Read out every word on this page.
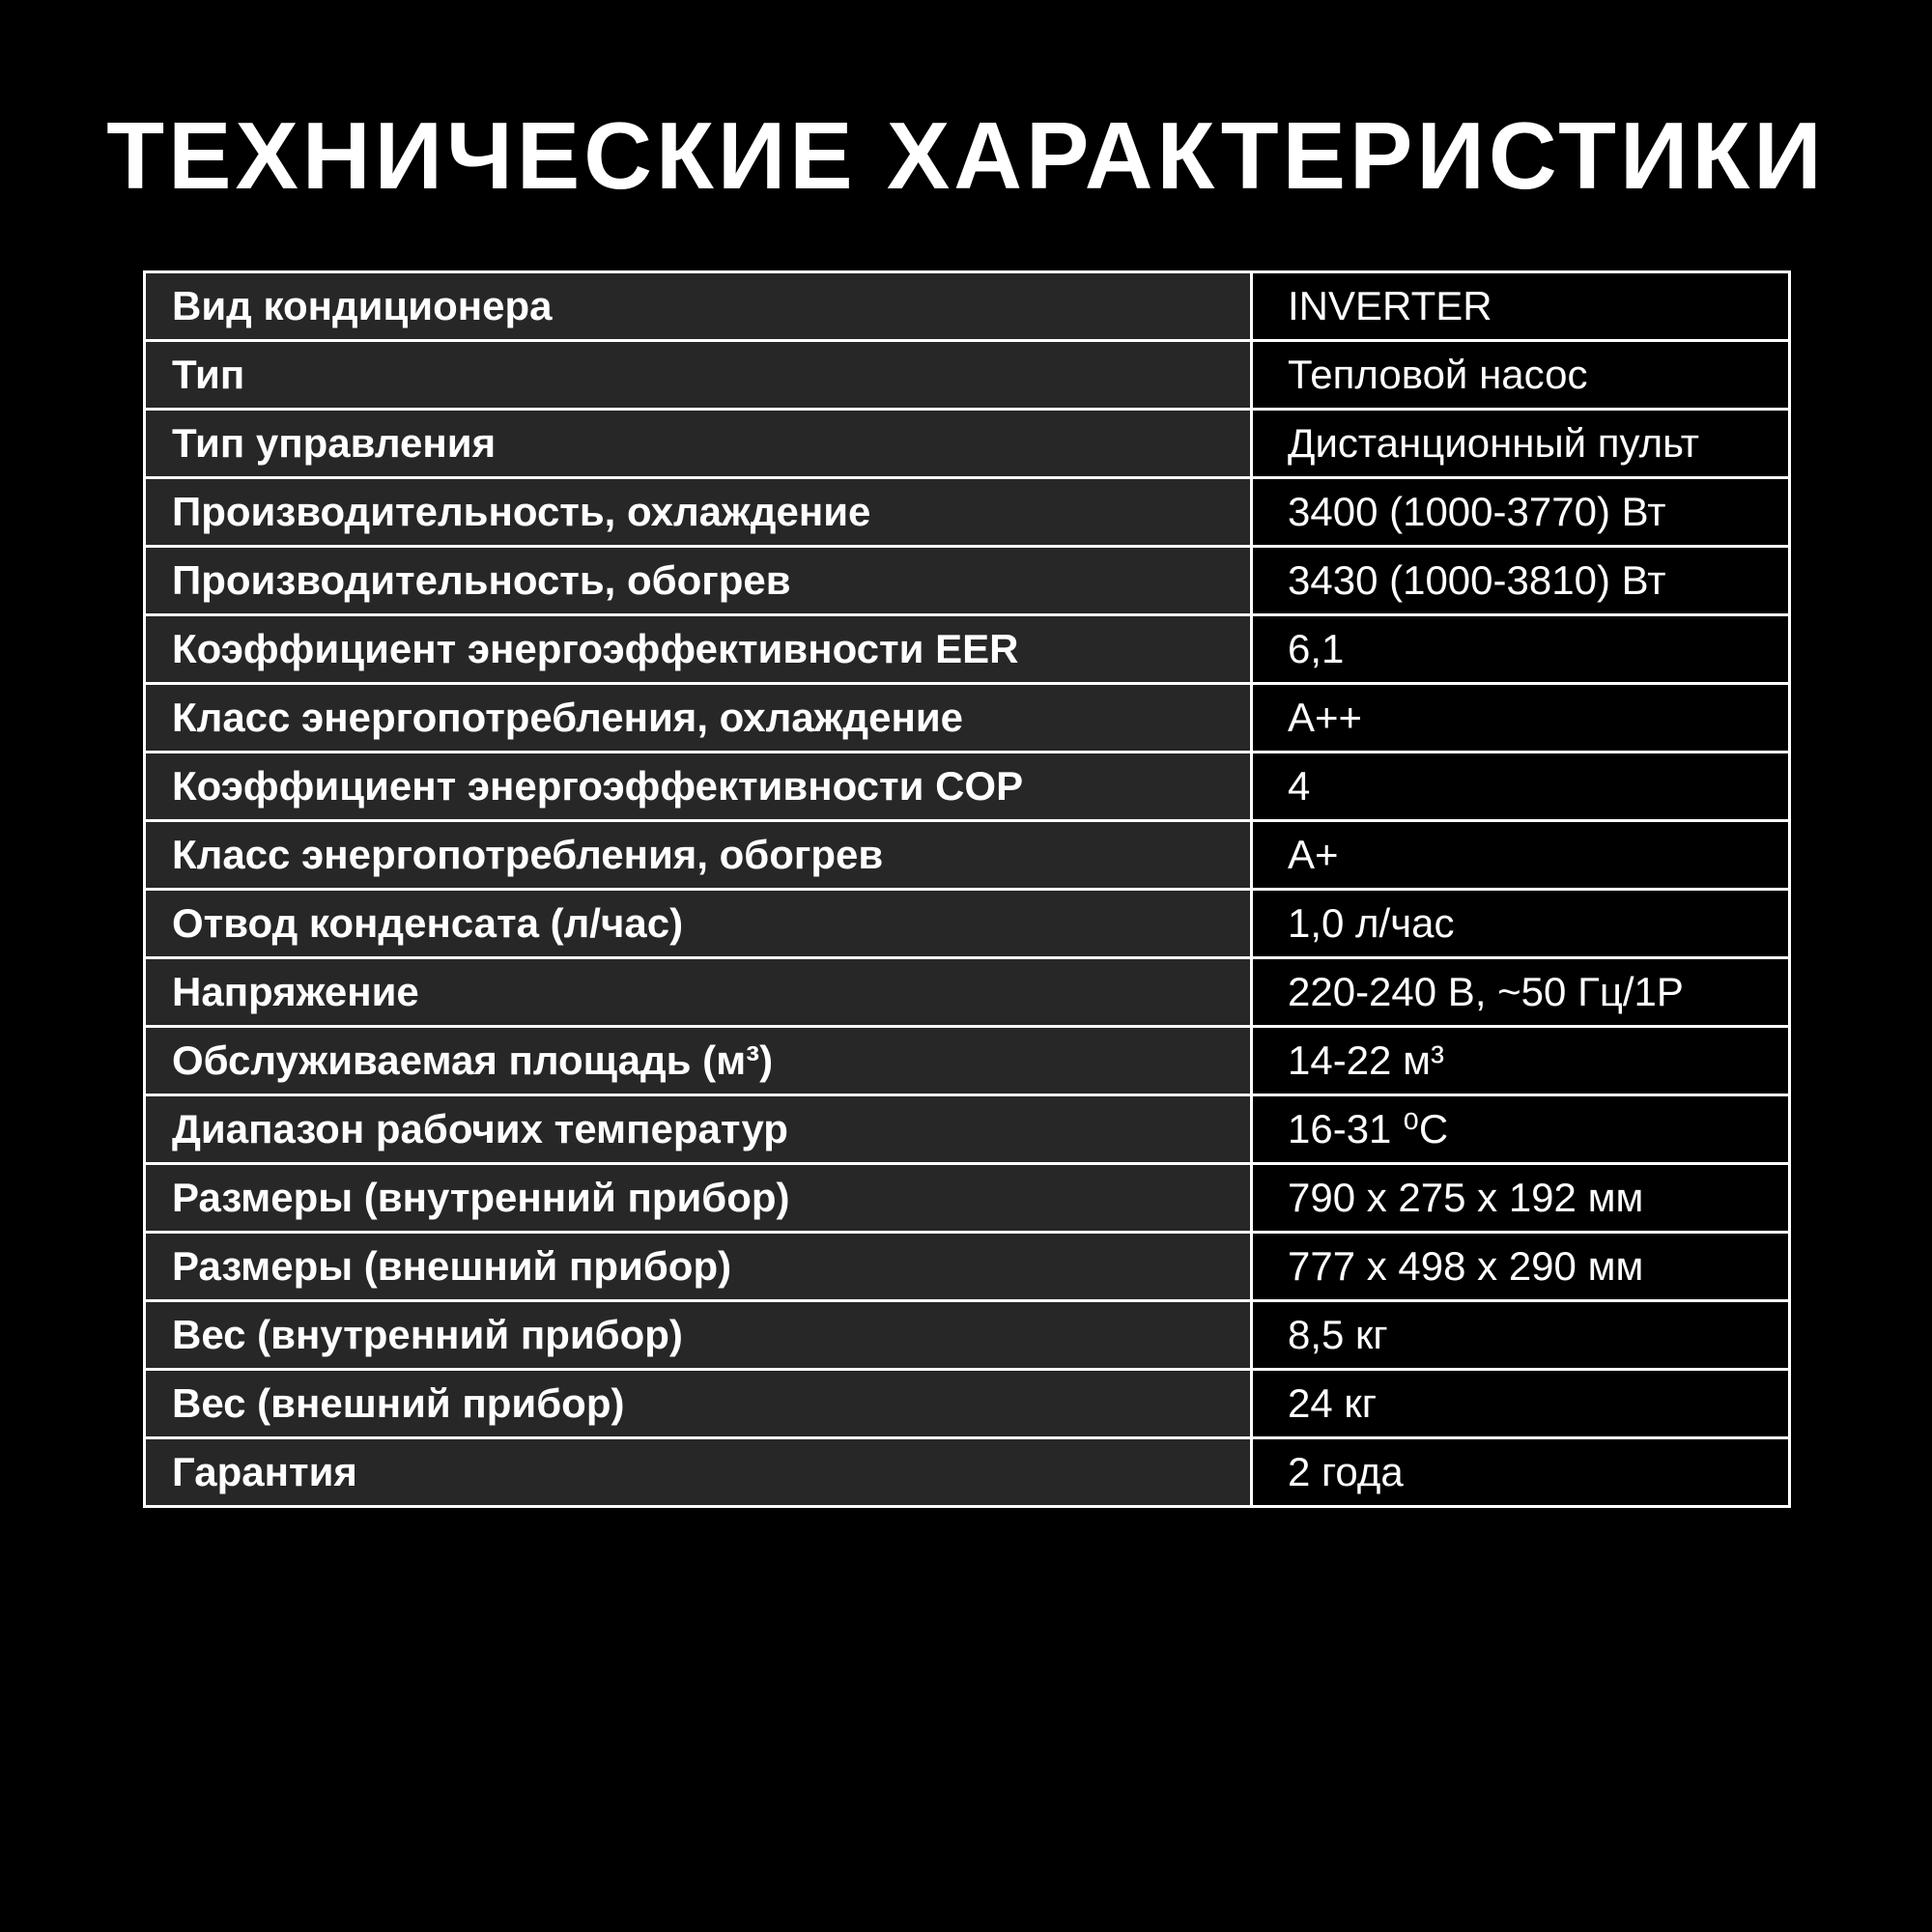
ТЕХНИЧЕСКИЕ ХАРАКТЕРИСТИКИ
Вид кондиционера	INVERTER
Тип	Тепловой насос
Тип управления	Дистанционный пульт
Производительность, охлаждение	3400 (1000-3770) Вт
Производительность, обогрев	3430 (1000-3810) Вт
Коэффициент энергоэффективности EER	6,1
Класс энергопотребления, охлаждение	A++
Коэффициент энергоэффективности COP	4
Класс энергопотребления, обогрев	A+
Отвод конденсата (л/час)	1,0 л/час
Напряжение	220-240 В, ~50 Гц/1Р
Обслуживаемая площадь (м³)	14-22 м³
Диапазон рабочих температур	16-31 ⁰С
Размеры (внутренний прибор)	790 х 275 х 192 мм
Размеры (внешний прибор)	777 х 498 х 290 мм
Вес (внутренний прибор)	8,5 кг
Вес (внешний прибор)	24 кг
Гарантия	2 года
